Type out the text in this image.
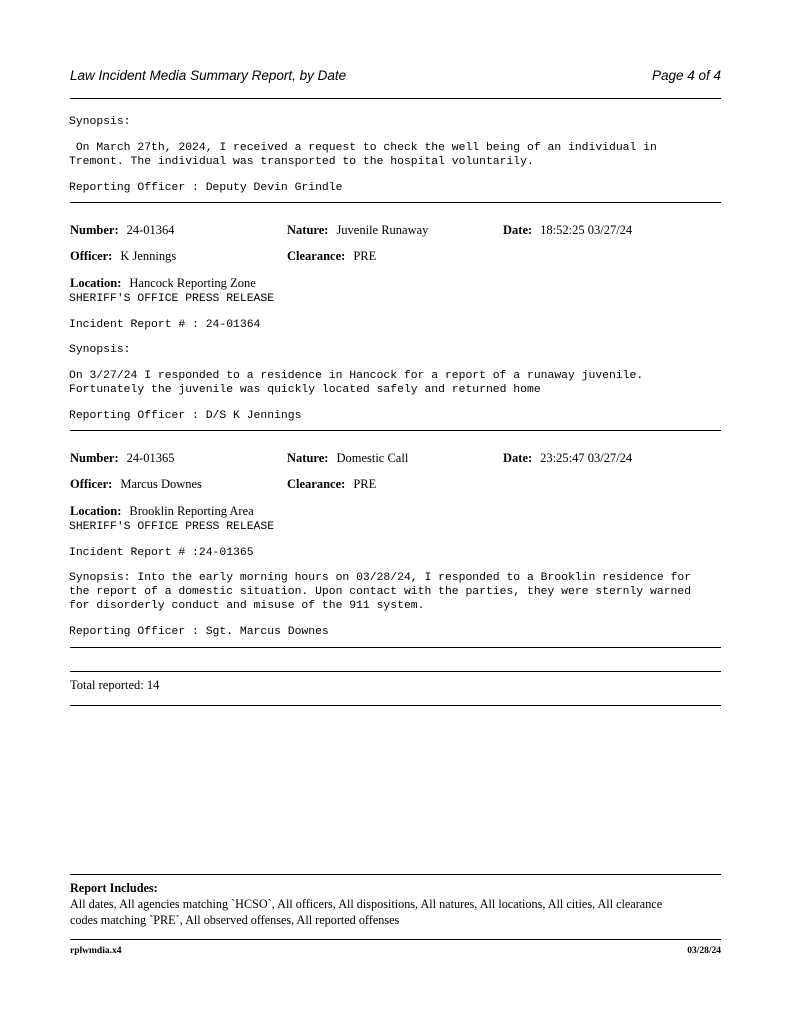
Law Incident Media Summary Report, by Date	Page 4 of 4
Synopsis:
On March 27th, 2024, I received a request to check the well being of an individual in
Tremont. The individual was transported to the hospital voluntarily.
Reporting Officer : Deputy Devin Grindle
Number: 24-01364	Nature: Juvenile Runaway	Date: 18:52:25 03/27/24
Officer: K Jennings	Clearance: PRE
Location: Hancock Reporting Zone
SHERIFF'S OFFICE PRESS RELEASE
Incident Report # : 24-01364
Synopsis:
On 3/27/24 I responded to a residence in Hancock for a report of a runaway juvenile.
Fortunately the juvenile was quickly located safely and returned home
Reporting Officer : D/S K Jennings
Number: 24-01365	Nature: Domestic Call	Date: 23:25:47 03/27/24
Officer: Marcus Downes	Clearance: PRE
Location: Brooklin Reporting Area
SHERIFF'S OFFICE PRESS RELEASE
Incident Report # :24-01365
Synopsis: Into the early morning hours on 03/28/24, I responded to a Brooklin residence for
the report of a domestic situation. Upon contact with the parties, they were sternly warned
for disorderly conduct and misuse of the 911 system.
Reporting Officer : Sgt. Marcus Downes
Total reported: 14
Report Includes:
All dates, All agencies matching `HCSO`, All officers, All dispositions, All natures, All locations, All cities, All clearance
codes matching `PRE`, All observed offenses, All reported offenses
rplwmdia.x4	03/28/24
